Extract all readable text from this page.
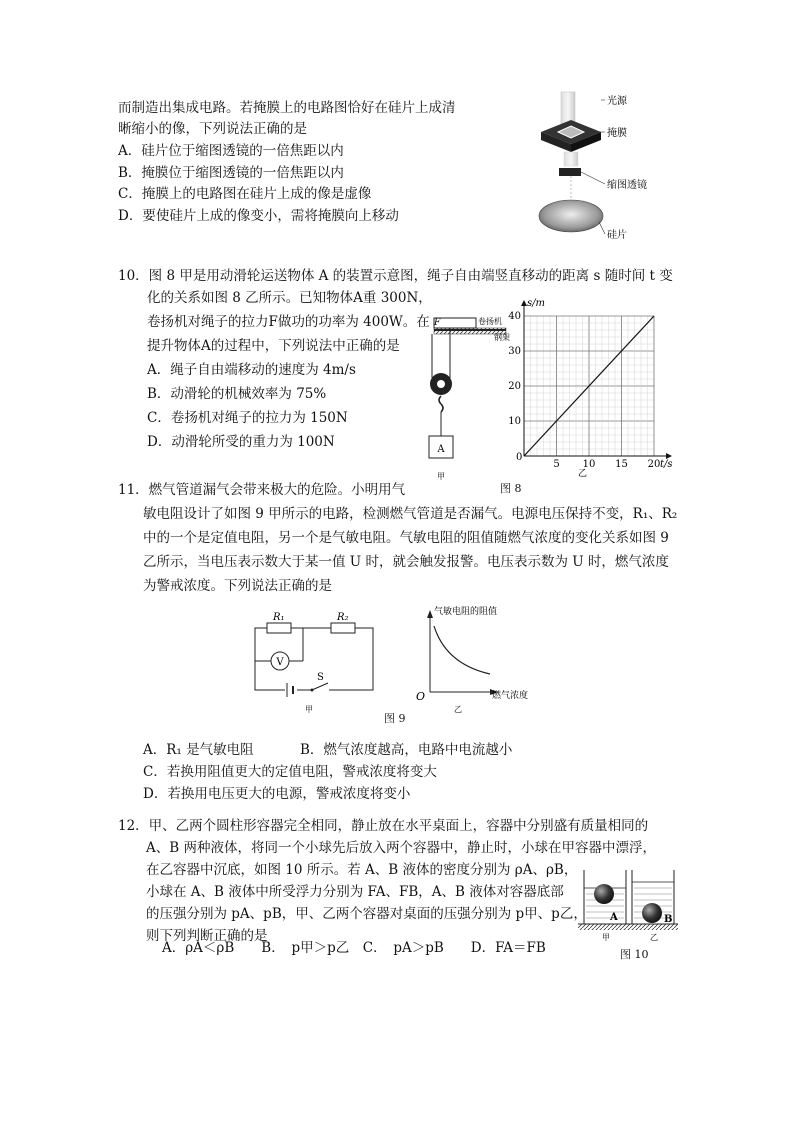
而制造出集成电路。若掩膜上的电路图恰好在硅片上成清
晰缩小的像，下列说法正确的是
A．硅片位于缩图透镜的一倍焦距以内
B．掩膜位于缩图透镜的一倍焦距以内
C．掩膜上的电路图在硅片上成的像是虚像
D．要使硅片上成的像变小，需将掩膜向上移动
光源
掩膜
缩图透镜
硅片
10．图 8 甲是用动滑轮运送物体 A 的装置示意图，绳子自由端竖直移动的距离 s 随时间 t 变
化的关系如图 8 乙所示。已知物体A重 300N，
卷扬机对绳子的拉力F做功的功率为 400W。在
提升物体A的过程中，下列说法中正确的是
A．绳子自由端移动的速度为 4m/s
B．动滑轮的机械效率为 75%
C．卷扬机对绳子的拉力为 150N
D．动滑轮所受的重力为 100N
卷扬机
钢架
F
A
甲
5 10 15 20
10
20
30
40
s/m
t/s
0
乙
图 8
11．燃气管道漏气会带来极大的危险。小明用气
敏电阻设计了如图 9 甲所示的电路，检测燃气管道是否漏气。电源电压保持不变，R₁、R₂
中的一个是定值电阻，另一个是气敏电阻。气敏电阻的阻值随燃气浓度的变化关系如图 9
乙所示，当电压表示数大于某一值 U 时，就会触发报警。电压表示数为 U 时，燃气浓度
为警戒浓度。下列说法正确的是
R₁	R₂
V
S
甲
气敏电阻的阻值
燃气浓度
O
乙
图 9
A．R₁ 是气敏电阻	B．燃气浓度越高，电路中电流越小
C．若换用阻值更大的定值电阻，警戒浓度将变大
D．若换用电压更大的电源，警戒浓度将变小
12．甲、乙两个圆柱形容器完全相同，静止放在水平桌面上，容器中分别盛有质量相同的
A、B 两种液体，将同一个小球先后放入两个容器中，静止时，小球在甲容器中漂浮，
在乙容器中沉底，如图 10 所示。若 A、B 液体的密度分别为 ρA、ρB，
小球在 A、B 液体中所受浮力分别为 FA、FB，A、B 液体对容器底部
的压强分别为 pA、pB，甲、乙两个容器对桌面的压强分别为 p甲、p乙，
则下列判断正确的是
A．ρA＜ρB　　B．　p甲＞p乙　C．　pA＞pB　　D．FA＝FB
A	B
甲	乙
图 10
